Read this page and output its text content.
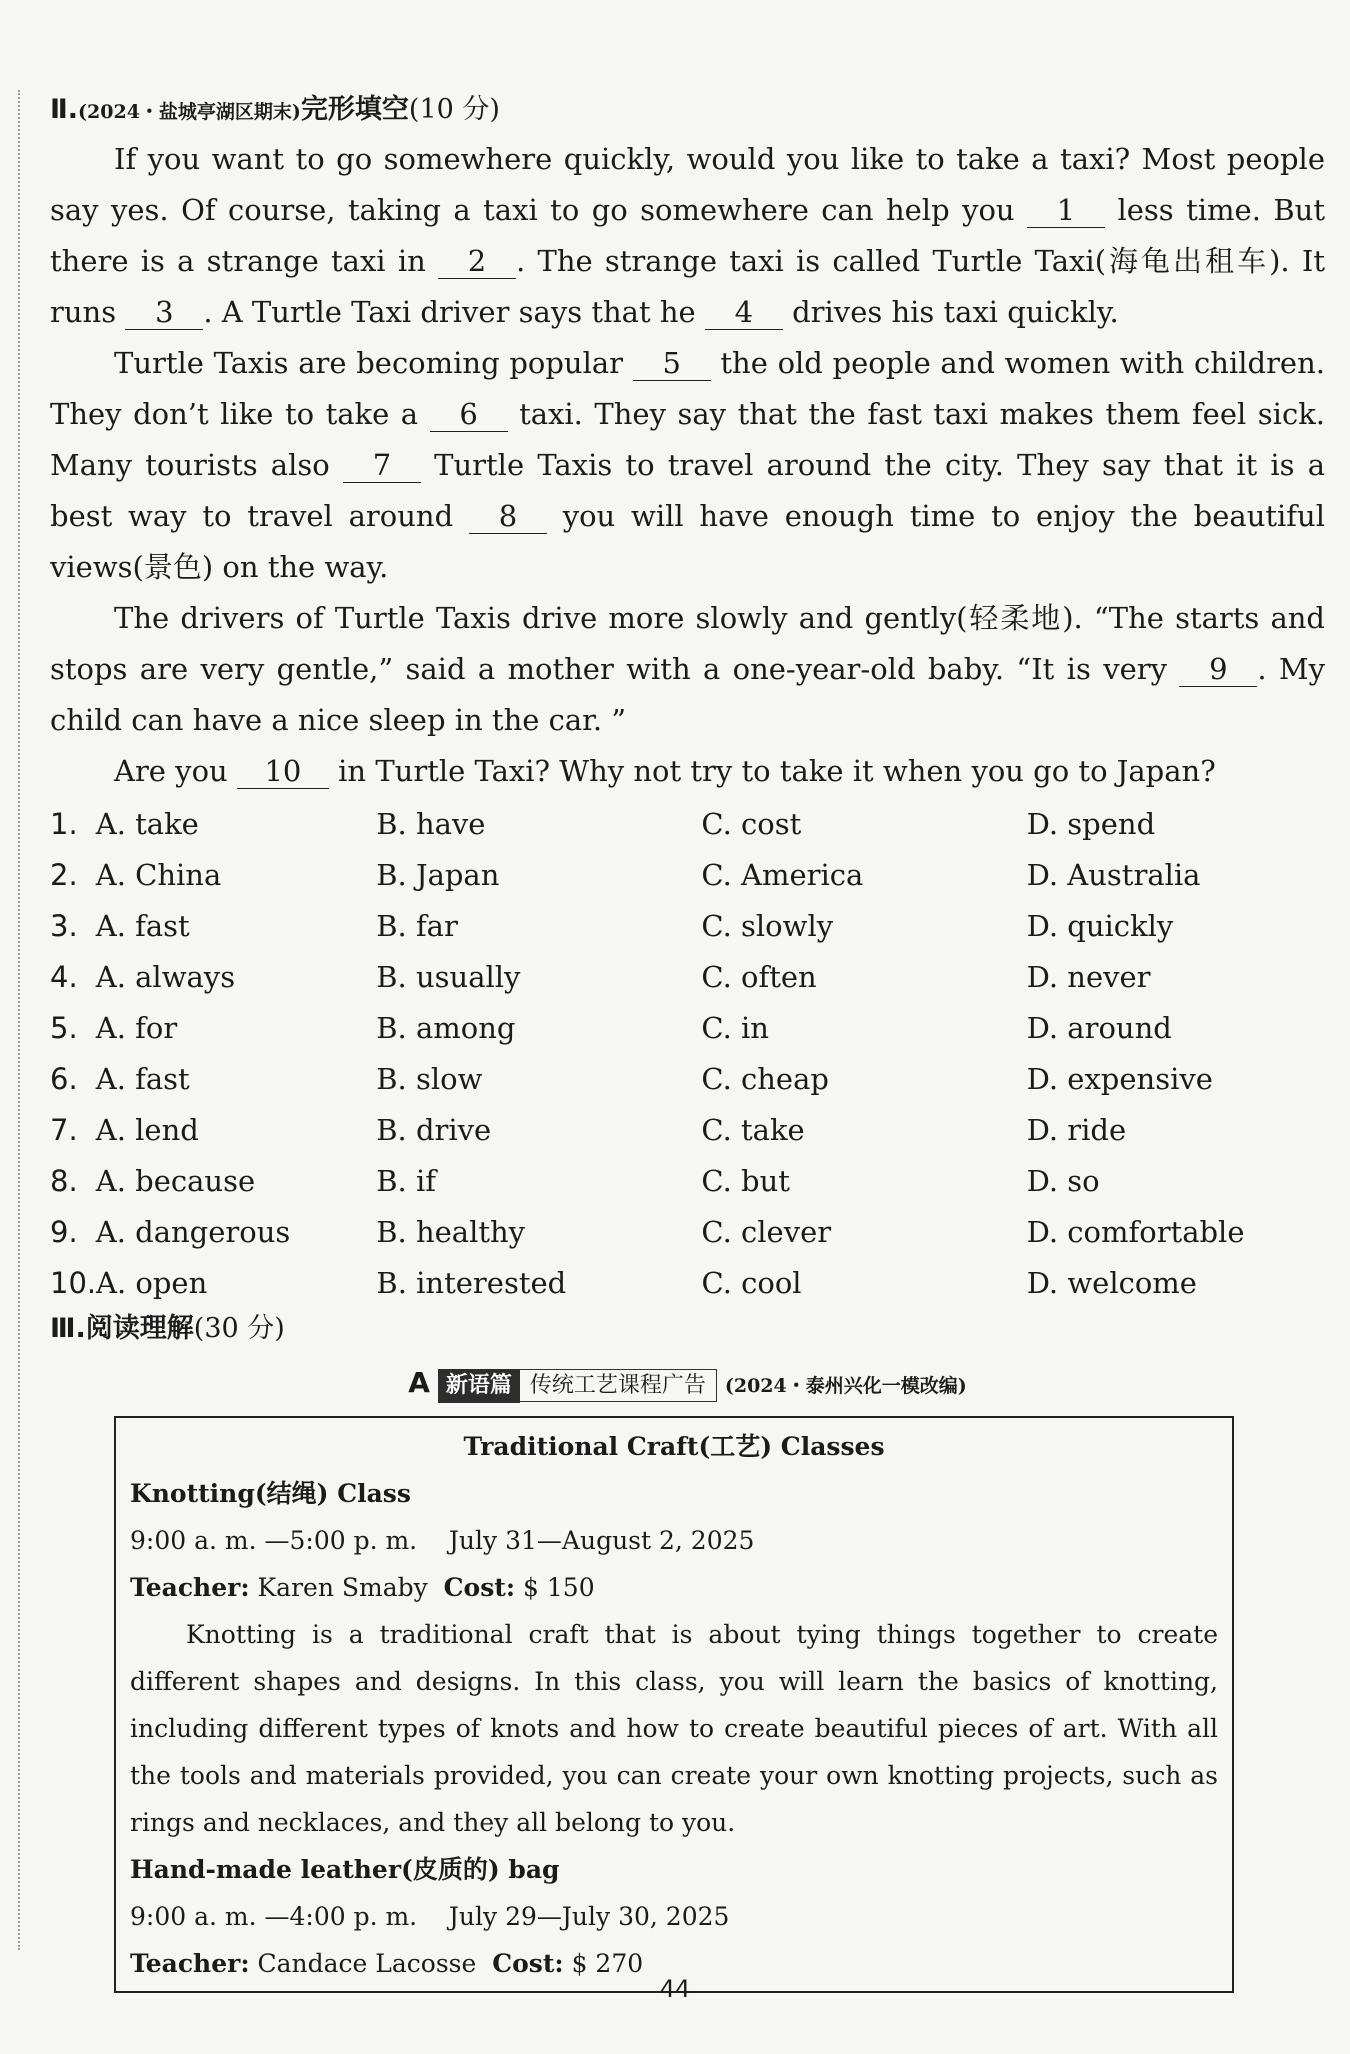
Ⅱ.(2024・盐城亭湖区期末)完形填空(10 分)

If you want to go somewhere quickly, would you like to take a taxi? Most people say yes. Of course, taking a taxi to go somewhere can help you 1 less time. But there is a strange taxi in 2 . The strange taxi is called Turtle Taxi(海龟出租车). It runs 3 . A Turtle Taxi driver says that he 4 drives his taxi quickly.

Turtle Taxis are becoming popular 5 the old people and women with children. They don’t like to take a 6 taxi. They say that the fast taxi makes them feel sick. Many tourists also 7 Turtle Taxis to travel around the city. They say that it is a best way to travel around 8 you will have enough time to enjoy the beautiful views(景色) on the way.

The drivers of Turtle Taxis drive more slowly and gently(轻柔地). “The starts and stops are very gentle,” said a mother with a one-year-old baby. “It is very 9 . My child can have a nice sleep in the car. ”

Are you 10 in Turtle Taxi? Why not try to take it when you go to Japan?

1. A. take	B. have	C. cost	D. spend
2. A. China	B. Japan	C. America	D. Australia
3. A. fast	B. far	C. slowly	D. quickly
4. A. always	B. usually	C. often	D. never
5. A. for	B. among	C. in	D. around
6. A. fast	B. slow	C. cheap	D. expensive
7. A. lend	B. drive	C. take	D. ride
8. A. because	B. if	C. but	D. so
9. A. dangerous	B. healthy	C. clever	D. comfortable
10. A. open	B. interested	C. cool	D. welcome
Ⅲ.阅读理解(30 分)
A 新语篇 传统工艺课程广告 (2024・泰州兴化一模改编)
Traditional Craft(工艺) Classes
Knotting(结绳) Class
9:00 a. m. —5:00 p. m.    July 31—August 2, 2025
Teacher: Karen Smaby  Cost: $ 150

Knotting is a traditional craft that is about tying things together to create different shapes and designs. In this class, you will learn the basics of knotting, including different types of knots and how to create beautiful pieces of art. With all the tools and materials provided, you can create your own knotting projects, such as rings and necklaces, and they all belong to you.

Hand-made leather(皮质的) bag
9:00 a. m. —4:00 p. m.    July 29—July 30, 2025
Teacher: Candace Lacosse  Cost: $ 270
44
